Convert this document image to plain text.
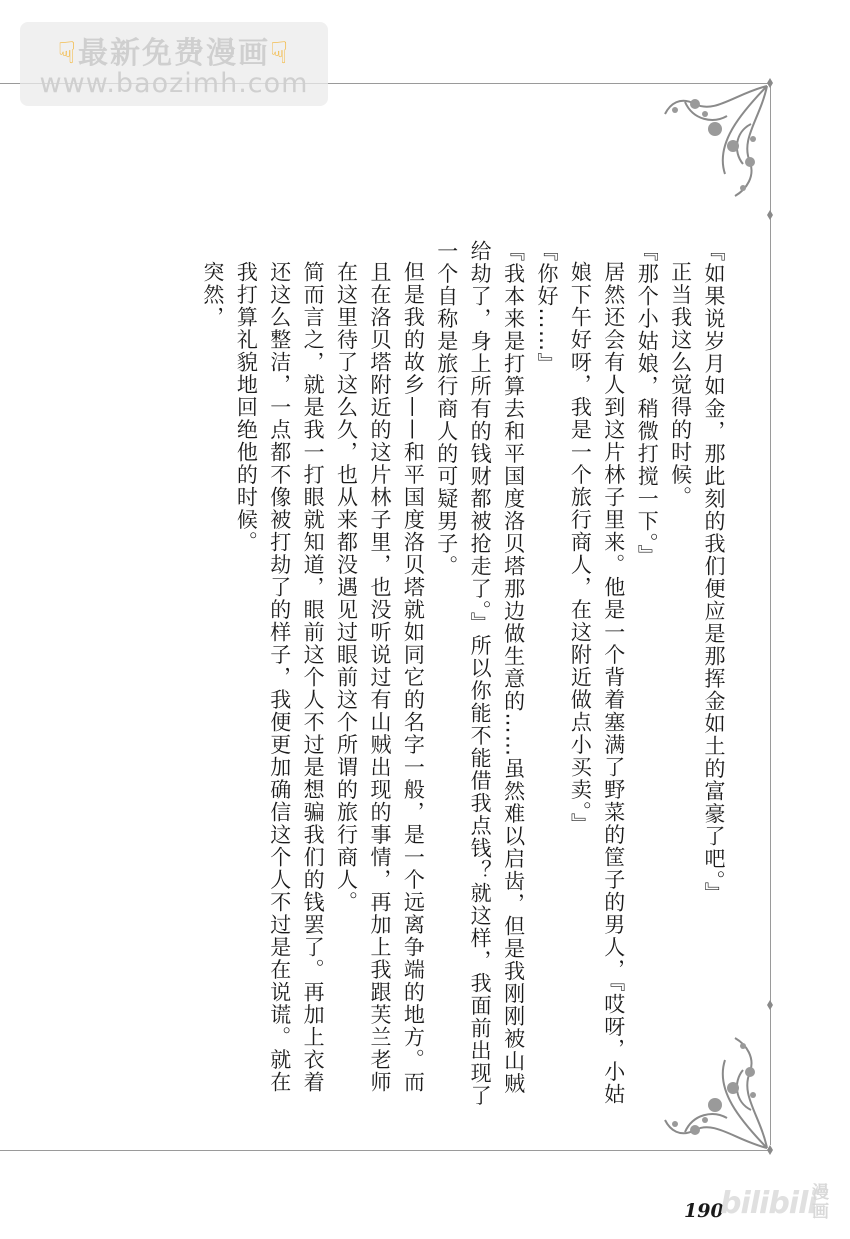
☟最新免费漫画☟
www.baozimh.com

『如果说岁月如金，那此刻的我们便应是那挥金如土的富豪了吧。』

正当我这么觉得的时候。

『那个小姑娘，稍微打搅一下。』

居然还会有人到这片林子里来。他是一个背着塞满了野菜的筐子的男人，『哎呀，小姑娘下午好呀，我是一个旅行商人，在这附近做点小买卖。』

『你好……』

『我本来是打算去和平国度洛贝塔那边做生意的……虽然难以启齿，但是我刚刚被山贼给劫了，身上所有的钱财都被抢走了。』所以你能不能借我点钱？就这样，我面前出现了一个自称是旅行商人的可疑男子。

但是我的故乡——和平国度洛贝塔就如同它的名字一般，是一个远离争端的地方。而且在洛贝塔附近的这片林子里，也没听说过有山贼出现的事情，再加上我跟芙兰老师在这里待了这么久，也从来都没遇见过眼前这个所谓的旅行商人。

简而言之，就是我一打眼就知道，眼前这个人不过是想骗我们的钱罢了。再加上衣着还这么整洁，一点都不像被打劫了的样子，我便更加确信这个人不过是在说谎。就在我打算礼貌地回绝他的时候。

突然，

190
bilibili
漫画
